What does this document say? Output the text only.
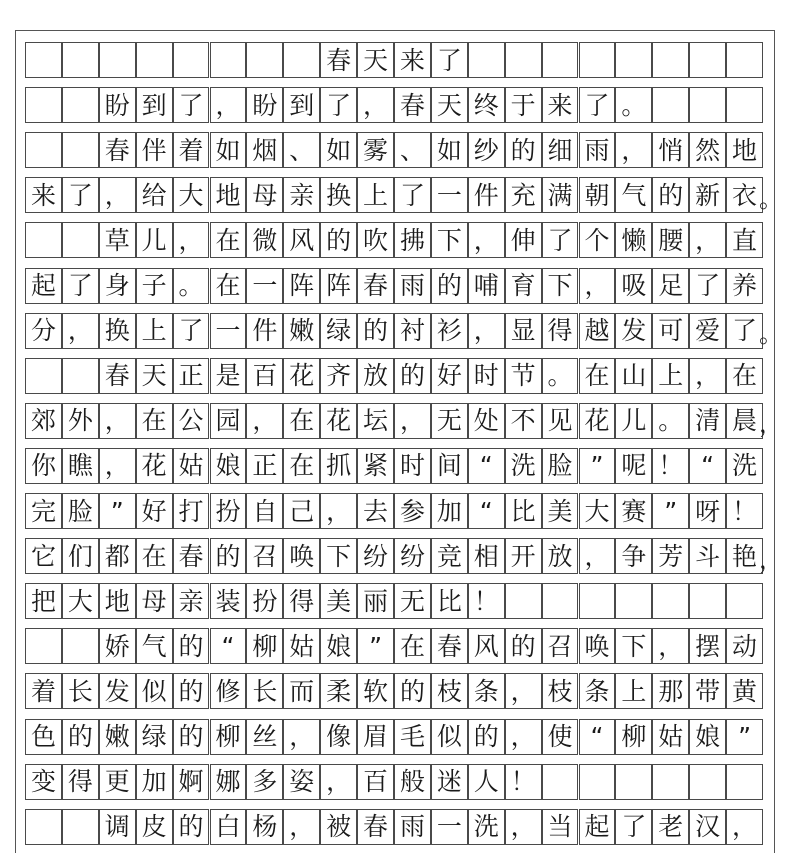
春 天 来 了
盼 到 了 ， 盼 到 了 ， 春 天 终 于 来 了 。
春 伴 着 如 烟 、 如 雾 、 如 纱 的 细 雨 ， 悄 然 地
来 了 ， 给 大 地 母 亲 换 上 了 一 件 充 满 朝 气 的 新 衣 。
草 儿 ， 在 微 风 的 吹 拂 下 ， 伸 了 个 懒 腰 ， 直
起 了 身 子 。 在 一 阵 阵 春 雨 的 哺 育 下 ， 吸 足 了 养
分 ， 换 上 了 一 件 嫩 绿 的 衬 衫 ， 显 得 越 发 可 爱 了 。
春 天 正 是 百 花 齐 放 的 好 时 节 。 在 山 上 ， 在
郊 外 ， 在 公 园 ， 在 花 坛 ， 无 处 不 见 花 儿 。 清 晨 ，
你 瞧 ， 花 姑 娘 正 在 抓 紧 时 间 “ 洗 脸 ” 呢 ！ “ 洗
完 脸 ” 好 打 扮 自 己 ， 去 参 加 “ 比 美 大 赛 ” 呀 ！
它 们 都 在 春 的 召 唤 下 纷 纷 竞 相 开 放 ， 争 芳 斗 艳 ，
把 大 地 母 亲 装 扮 得 美 丽 无 比 ！
娇 气 的 “ 柳 姑 娘 ” 在 春 风 的 召 唤 下 ， 摆 动
着 长 发 似 的 修 长 而 柔 软 的 枝 条 ， 枝 条 上 那 带 黄
色 的 嫩 绿 的 柳 丝 ， 像 眉 毛 似 的 ， 使 “ 柳 姑 娘 ”
变 得 更 加 婀 娜 多 姿 ， 百 般 迷 人 ！
调 皮 的 白 杨 ， 被 春 雨 一 洗 ， 当 起 了 老 汉 ，
